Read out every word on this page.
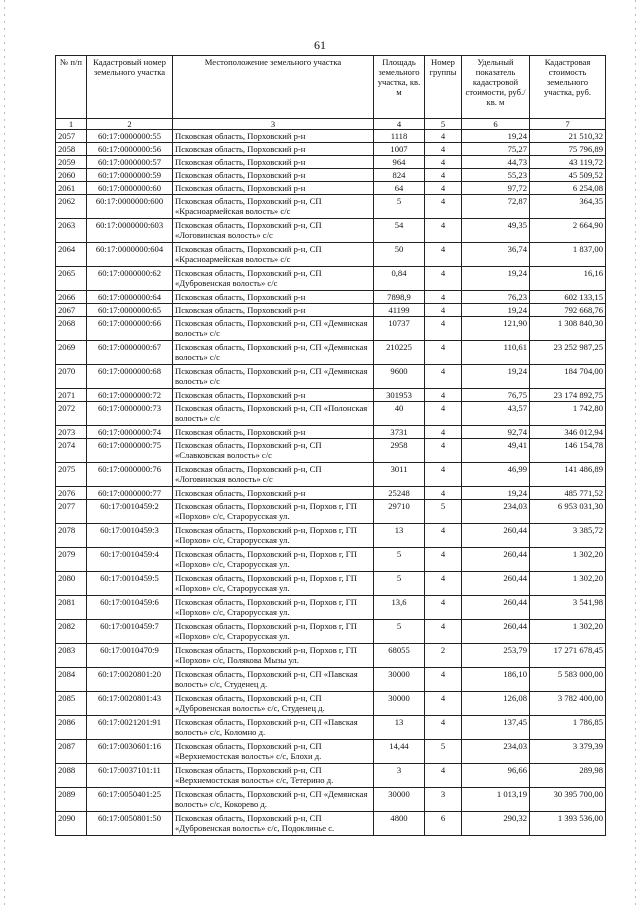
61
№ п/п	Кадастровый номер земельного участка	Местоположение земельного участка	Площадь земельного участка, кв. м	Номер группы	Удельный показатель кадастровой стоимости, руб./кв. м	Кадастровая стоимость земельного участка, руб.
1	2	3	4	5	6	7
2057	60:17:0000000:55	Псковская область, Порховский р-н	1118	4	19,24	21 510,32
2058	60:17:0000000:56	Псковская область, Порховский р-н	1007	4	75,27	75 796,89
2059	60:17:0000000:57	Псковская область, Порховский р-н	964	4	44,73	43 119,72
2060	60:17:0000000:59	Псковская область, Порховский р-н	824	4	55,23	45 509,52
2061	60:17:0000000:60	Псковская область, Порховский р-н	64	4	97,72	6 254,08
2062	60:17:0000000:600	Псковская область, Порховский р-н, СП «Красноармейская волость» с/с	5	4	72,87	364,35
2063	60:17:0000000:603	Псковская область, Порховский р-н, СП «Логовинская волость» с/с	54	4	49,35	2 664,90
2064	60:17:0000000:604	Псковская область, Порховский р-н, СП «Красноармейская волость» с/с	50	4	36,74	1 837,00
2065	60:17:0000000:62	Псковская область, Порховский р-н, СП «Дубровенская волость» с/с	0,84	4	19,24	16,16
2066	60:17:0000000:64	Псковская область, Порховский р-н	7898,9	4	76,23	602 133,15
2067	60:17:0000000:65	Псковская область, Порховский р-н	41199	4	19,24	792 668,76
2068	60:17:0000000:66	Псковская область, Порховский р-н, СП «Демянская волость» с/с	10737	4	121,90	1 308 840,30
2069	60:17:0000000:67	Псковская область, Порховский р-н, СП «Демянская волость» с/с	210225	4	110,61	23 252 987,25
2070	60:17:0000000:68	Псковская область, Порховский р-н, СП «Демянская волость» с/с	9600	4	19,24	184 704,00
2071	60:17:0000000:72	Псковская область, Порховский р-н	301953	4	76,75	23 174 892,75
2072	60:17:0000000:73	Псковская область, Порховский р-н, СП «Полонская волость» с/с	40	4	43,57	1 742,80
2073	60:17:0000000:74	Псковская область, Порховский р-н	3731	4	92,74	346 012,94
2074	60:17:0000000:75	Псковская область, Порховский р-н, СП «Славковская волость» с/с	2958	4	49,41	146 154,78
2075	60:17:0000000:76	Псковская область, Порховский р-н, СП «Логовинская волость» с/с	3011	4	46,99	141 486,89
2076	60:17:0000000:77	Псковская область, Порховский р-н	25248	4	19,24	485 771,52
2077	60:17:0010459:2	Псковская область, Порховский р-н, Порхов г, ГП «Порхов» с/с, Старорусская ул.	29710	5	234,03	6 953 031,30
2078	60:17:0010459:3	Псковская область, Порховский р-н, Порхов г, ГП «Порхов» с/с, Старорусская ул.	13	4	260,44	3 385,72
2079	60:17:0010459:4	Псковская область, Порховский р-н, Порхов г, ГП «Порхов» с/с, Старорусская ул.	5	4	260,44	1 302,20
2080	60:17:0010459:5	Псковская область, Порховский р-н, Порхов г, ГП «Порхов» с/с, Старорусская ул.	5	4	260,44	1 302,20
2081	60:17:0010459:6	Псковская область, Порховский р-н, Порхов г, ГП «Порхов» с/с, Старорусская ул.	13,6	4	260,44	3 541,98
2082	60:17:0010459:7	Псковская область, Порховский р-н, Порхов г, ГП «Порхов» с/с, Старорусская ул.	5	4	260,44	1 302,20
2083	60:17:0010470:9	Псковская область, Порховский р-н, Порхов г, ГП «Порхов» с/с, Полякова Мызы ул.	68055	2	253,79	17 271 678,45
2084	60:17:0020801:20	Псковская область, Порховский р-н, СП «Павская волость» с/с, Студенец д.	30000	4	186,10	5 583 000,00
2085	60:17:0020801:43	Псковская область, Порховский р-н, СП «Дубровенская волость» с/с, Студенец д.	30000	4	126,08	3 782 400,00
2086	60:17:0021201:91	Псковская область, Порховский р-н, СП «Павская волость» с/с, Коломно д.	13	4	137,45	1 786,85
2087	60:17:0030601:16	Псковская область, Порховский р-н, СП «Верхнемостская волость» с/с, Блохи д.	14,44	5	234,03	3 379,39
2088	60:17:0037101:11	Псковская область, Порховский р-н, СП «Верхнемостская волость» с/с, Тетерино д.	3	4	96,66	289,98
2089	60:17:0050401:25	Псковская область, Порховский р-н, СП «Демянская волость» с/с, Кокорево д.	30000	3	1 013,19	30 395 700,00
2090	60:17:0050801:50	Псковская область, Порховский р-н, СП «Дубровенская волость» с/с, Подоклинье с.	4800	6	290,32	1 393 536,00
